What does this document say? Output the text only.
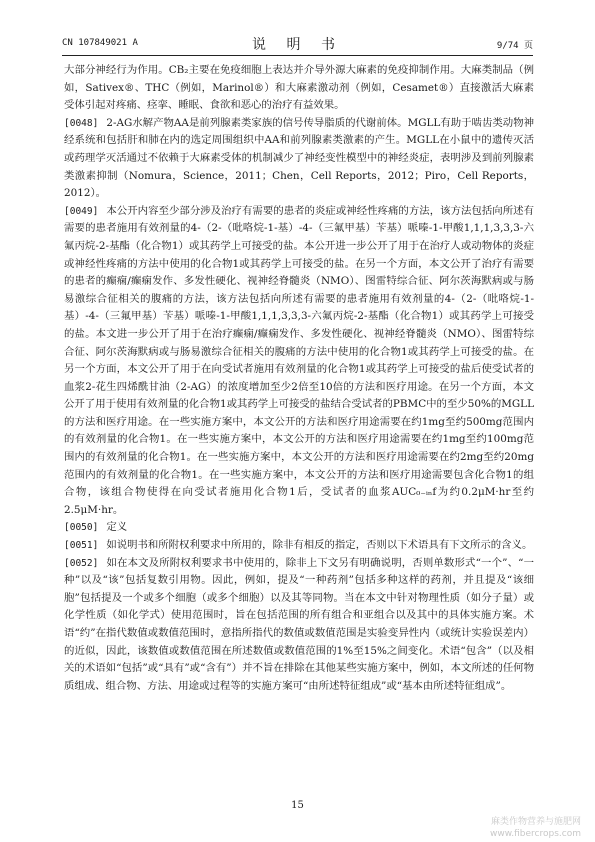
CN 107849021 A	说 明 书	9/74 页

大部分神经行为作用。CB₂主要在免疫细胞上表达并介导外源大麻素的免疫抑制作用。大麻类制品（例如，Sativex®、THC（例如，Marinol®）和大麻素激动剂（例如，Cesamet®）直接激活大麻素受体引起对疼痛、痉挛、睡眠、食欲和恶心的治疗有益效果。

[0048] 2-AG水解产物AA是前列腺素类家族的信号传导脂质的代谢前体。MGLL有助于啮齿类动物神经系统和包括肝和肺在内的选定周围组织中AA和前列腺素类激素的产生。MGLL在小鼠中的遗传灭活或药理学灭活通过不依赖于大麻素受体的机制减少了神经变性模型中的神经炎症，表明涉及到前列腺素类激素抑制（Nomura，Science，2011；Chen，Cell Reports，2012；Piro，Cell Reports，2012）。

[0049] 本公开内容至少部分涉及治疗有需要的患者的炎症或神经性疼痛的方法，该方法包括向所述有需要的患者施用有效剂量的4-（2-（吡咯烷-1-基）-4-（三氟甲基）苄基）哌嗪-1-甲酸1,1,1,3,3,3-六氟丙烷-2-基酯（化合物1）或其药学上可接受的盐。本公开进一步公开了用于在治疗人或动物体的炎症或神经性疼痛的方法中使用的化合物1或其药学上可接受的盐。在另一个方面，本文公开了治疗有需要的患者的癫痫/癫痫发作、多发性硬化、视神经脊髓炎（NMO）、图雷特综合征、阿尔茨海默病或与肠易激综合征相关的腹痛的方法，该方法包括向所述有需要的患者施用有效剂量的4-（2-（吡咯烷-1-基）-4-（三氟甲基）苄基）哌嗪-1-甲酸1,1,1,3,3,3-六氟丙烷-2-基酯（化合物1）或其药学上可接受的盐。本文进一步公开了用于在治疗癫痫/癫痫发作、多发性硬化、视神经脊髓炎（NMO）、图雷特综合征、阿尔茨海默病或与肠易激综合征相关的腹痛的方法中使用的化合物1或其药学上可接受的盐。在另一个方面，本文公开了用于在向受试者施用有效剂量的化合物1或其药学上可接受的盐后使受试者的血浆2-花生四烯酰甘油（2-AG）的浓度增加至少2倍至10倍的方法和医疗用途。在另一个方面，本文公开了用于使用有效剂量的化合物1或其药学上可接受的盐结合受试者的PBMC中的至少50%的MGLL的方法和医疗用途。在一些实施方案中，本文公开的方法和医疗用途需要在约1mg至约500mg范围内的有效剂量的化合物1。在一些实施方案中，本文公开的方法和医疗用途需要在约1mg至约100mg范围内的有效剂量的化合物1。在一些实施方案中，本文公开的方法和医疗用途需要在约2mg至约20mg范围内的有效剂量的化合物1。在一些实施方案中，本文公开的方法和医疗用途需要包含化合物1的组合物，该组合物使得在向受试者施用化合物1后，受试者的血浆AUC₀₋ᵢₙf为约0.2μM·hr至约2.5μM·hr。

[0050] 定义

[0051] 如说明书和所附权利要求中所用的，除非有相反的指定，否则以下术语具有下文所示的含义。

[0052] 如在本文及所附权利要求书中使用的，除非上下文另有明确说明，否则单数形式“一个”、“一种”以及“该”包括复数引用物。因此，例如，提及“一种药剂”包括多种这样的药剂，并且提及“该细胞”包括提及一个或多个细胞（或多个细胞）以及其等同物。当在本文中针对物理性质（如分子量）或化学性质（如化学式）使用范围时，旨在包括范围的所有组合和亚组合以及其中的具体实施方案。术语“约”在指代数值或数值范围时，意指所指代的数值或数值范围是实验变异性内（或统计实验误差内）的近似，因此，该数值或数值范围在所述数值或数值范围的1%至15%之间变化。术语“包含”（以及相关的术语如“包括”或“具有”或“含有”）并不旨在排除在其他某些实施方案中，例如，本文所述的任何物质组成、组合物、方法、用途或过程等的实施方案可“由所述特征组成”或“基本由所述特征组成”。

15
麻类作物营养与施肥网
www.fibercrops.com
